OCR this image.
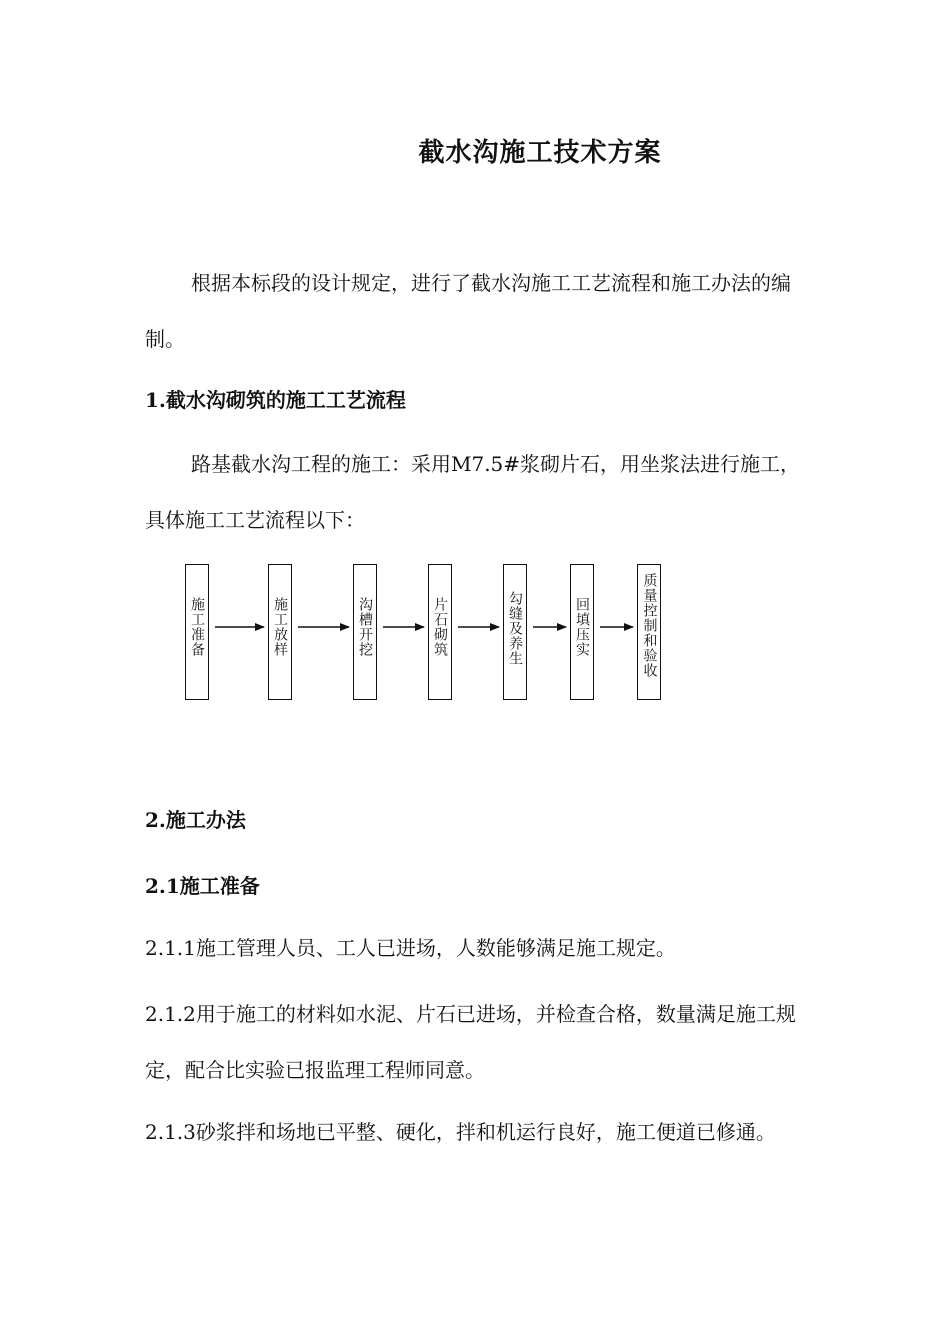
截水沟施工技术方案

根据本标段的设计规定，进行了截水沟施工工艺流程和施工办法的编制。

1.截水沟砌筑的施工工艺流程

路基截水沟工程的施工：采用M7.5#浆砌片石，用坐浆法进行施工，具体施工工艺流程以下：

施工准备	施工放样	沟槽开挖	片石砌筑	勾缝及养生	回填压实	质量控制和验收

2.施工办法

2.1施工准备

2.1.1施工管理人员、工人已进场，人数能够满足施工规定。

2.1.2用于施工的材料如水泥、片石已进场，并检查合格，数量满足施工规定，配合比实验已报监理工程师同意。

2.1.3砂浆拌和场地已平整、硬化，拌和机运行良好，施工便道已修通。
